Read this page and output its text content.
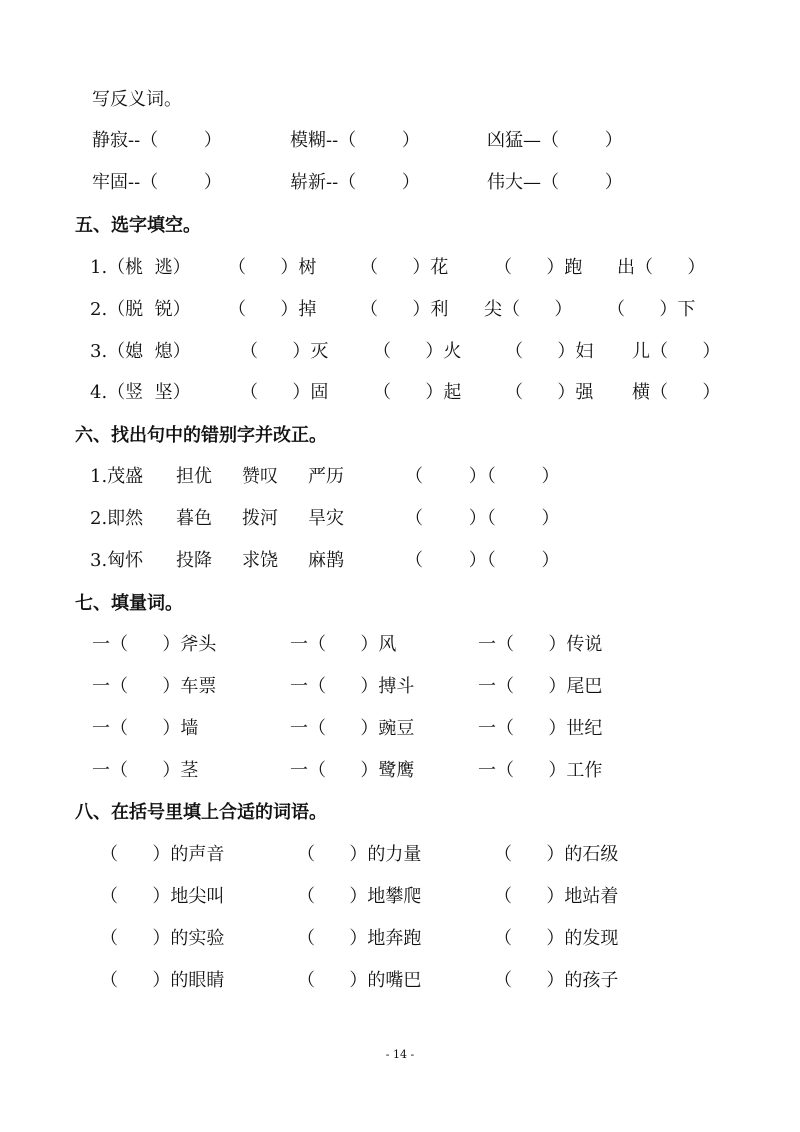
写反义词。
静寂--（        ）	模糊--（        ）	凶猛—（        ）
牢固--（        ）	崭新--（        ）	伟大—（        ）
五、选字填空。
1.（桃  逃） （      ）树 （      ）花	（      ）跑 出（      ）
2.（脱  锐） （      ）掉 （      ）利 尖（      ） （      ）下
3.（媳  熄）	（      ）灭 （      ）火 （      ）妇 儿（      ）
4.（竖  坚）	（      ）固 （      ）起 （      ）强 横（      ）
六、找出句中的错别字并改正。
1.茂盛 担优 赞叹 严历	（        ）（        ）
2.即然 暮色 拨河 旱灾	（        ）（        ）
3.匈怀 投降 求饶 麻鹊	（        ）（        ）
七、填量词。
一（      ）斧头	一（      ）风	一（      ）传说
一（      ）车票	一（      ）搏斗	一（      ）尾巴
一（      ）墙	一（      ）豌豆	一（      ）世纪
一（      ）茎	一（      ）鹭鹰	一（      ）工作
八、在括号里填上合适的词语。
（      ）的声音	（      ）的力量	（      ）的石级
（      ）地尖叫	（      ）地攀爬	（      ）地站着
（      ）的实验	（      ）地奔跑	（      ）的发现
（      ）的眼睛	（      ）的嘴巴	（      ）的孩子
- 14 -
